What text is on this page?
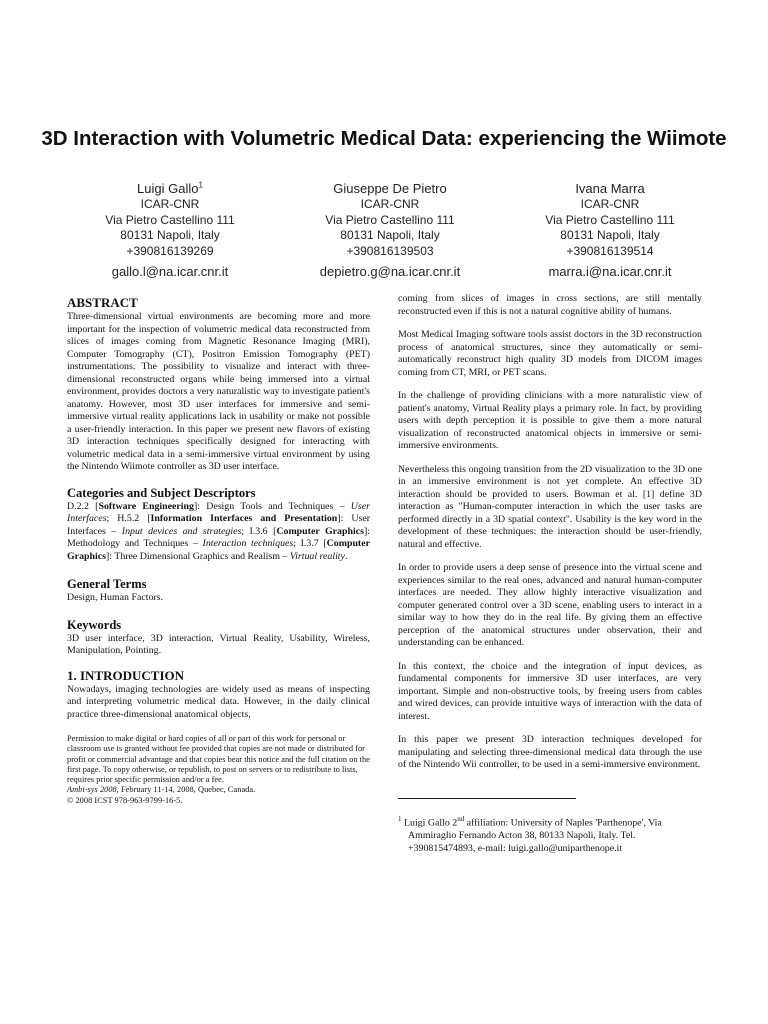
3D Interaction with Volumetric Medical Data: experiencing the Wiimote
Luigi Gallo$^1$
ICAR-CNR
Via Pietro Castellino 111
80131 Napoli, Italy
+390816139269
gallo.l@na.icar.cnr.it
Giuseppe De Pietro
ICAR-CNR
Via Pietro Castellino 111
80131 Napoli, Italy
+390816139503
depietro.g@na.icar.cnr.it
Ivana Marra
ICAR-CNR
Via Pietro Castellino 111
80131 Napoli, Italy
+390816139514
marra.i@na.icar.cnr.it
ABSTRACT

Three-dimensional virtual environments are becoming more and more important for the inspection of volumetric medical data reconstructed from slices of images coming from Magnetic Resonance Imaging (MRI), Computer Tomography (CT), Positron Emission Tomography (PET) instrumentations. The possibility to visualize and interact with three-dimensional reconstructed organs while being immersed into a virtual environment, provides doctors a very naturalistic way to investigate patient's anatomy. However, most 3D user interfaces for immersive and semi-immersive virtual reality applications lack in usability or make not possible a user-friendly interaction. In this paper we present new flavors of existing 3D interaction techniques specifically designed for interacting with volumetric medical data in a semi-immersive virtual environment by using the Nintendo Wiimote controller as 3D user interface.

Categories and Subject Descriptors

D.2.2 [Software Engineering]: Design Tools and Techniques – User Interfaces; H.5.2 [Information Interfaces and Presentation]: User Interfaces – Input devices and strategies; I.3.6 [Computer Graphics]: Methodology and Techniques – Interaction techniques; I.3.7 [Computer Graphics]: Three Dimensional Graphics and Realism – Virtual reality.

General Terms

Design, Human Factors.

Keywords

3D user interface, 3D interaction, Virtual Reality, Usability, Wireless, Manipulation, Pointing.

1. INTRODUCTION

Nowadays, imaging technologies are widely used as means of inspecting and interpreting volumetric medical data. However, in the daily clinical practice three-dimensional anatomical objects,

Permission to make digital or hard copies of all or part of this work for personal or classroom use is granted without fee provided that copies are not made or distributed for profit or commercial advantage and that copies bear this notice and the full citation on the first page. To copy otherwise, or republish, to post on servers or to redistribute to lists, requires prior specific permission and/or a fee.
Ambi-sys 2008, February 11-14, 2008, Quebec, Canada.
© 2008 ICST 978-963-9799-16-5.

coming from slices of images in cross sections, are still mentally reconstructed even if this is not a natural cognitive ability of humans.

Most Medical Imaging software tools assist doctors in the 3D reconstruction process of anatomical structures, since they automatically or semi-automatically reconstruct high quality 3D models from DICOM images coming from CT, MRI, or PET scans.

In the challenge of providing clinicians with a more naturalistic view of patient's anatomy, Virtual Reality plays a primary role. In fact, by providing users with depth perception it is possible to give them a more natural visualization of reconstructed anatomical objects in immersive or semi-immersive environments.

Nevertheless this ongoing transition from the 2D visualization to the 3D one in an immersive environment is not yet complete. An effective 3D interaction should be provided to users. Bowman et al. [1] define 3D interaction as "Human-computer interaction in which the user tasks are performed directly in a 3D spatial context". Usability is the key word in the development of these techniques: the interaction should be user-friendly, natural and effective.

In order to provide users a deep sense of presence into the virtual scene and experiences similar to the real ones, advanced and natural human-computer interfaces are needed. They allow highly interactive visualization and computer generated control over a 3D scene, enabling users to interact in a similar way to how they do in the real life. By giving them an effective perception of the anatomical structures under observation, their and understanding can be enhanced.

In this context, the choice and the integration of input devices, as fundamental components for immersive 3D user interfaces, are very important. Simple and non-obstructive tools, by freeing users from cables and wired devices, can provide intuitive ways of interaction with the data of interest.

In this paper we present 3D interaction techniques developed for manipulating and selecting three-dimensional medical data through the use of the Nintendo Wii controller, to be used in a semi-immersive environment.

$^1$ Luigi Gallo 2nd affiliation: University of Naples 'Parthenope', Via Ammiraglio Fernando Acton 38, 80133 Napoli, Italy. Tel. +390815474893, e-mail: luigi.gallo@uniparthenope.it
